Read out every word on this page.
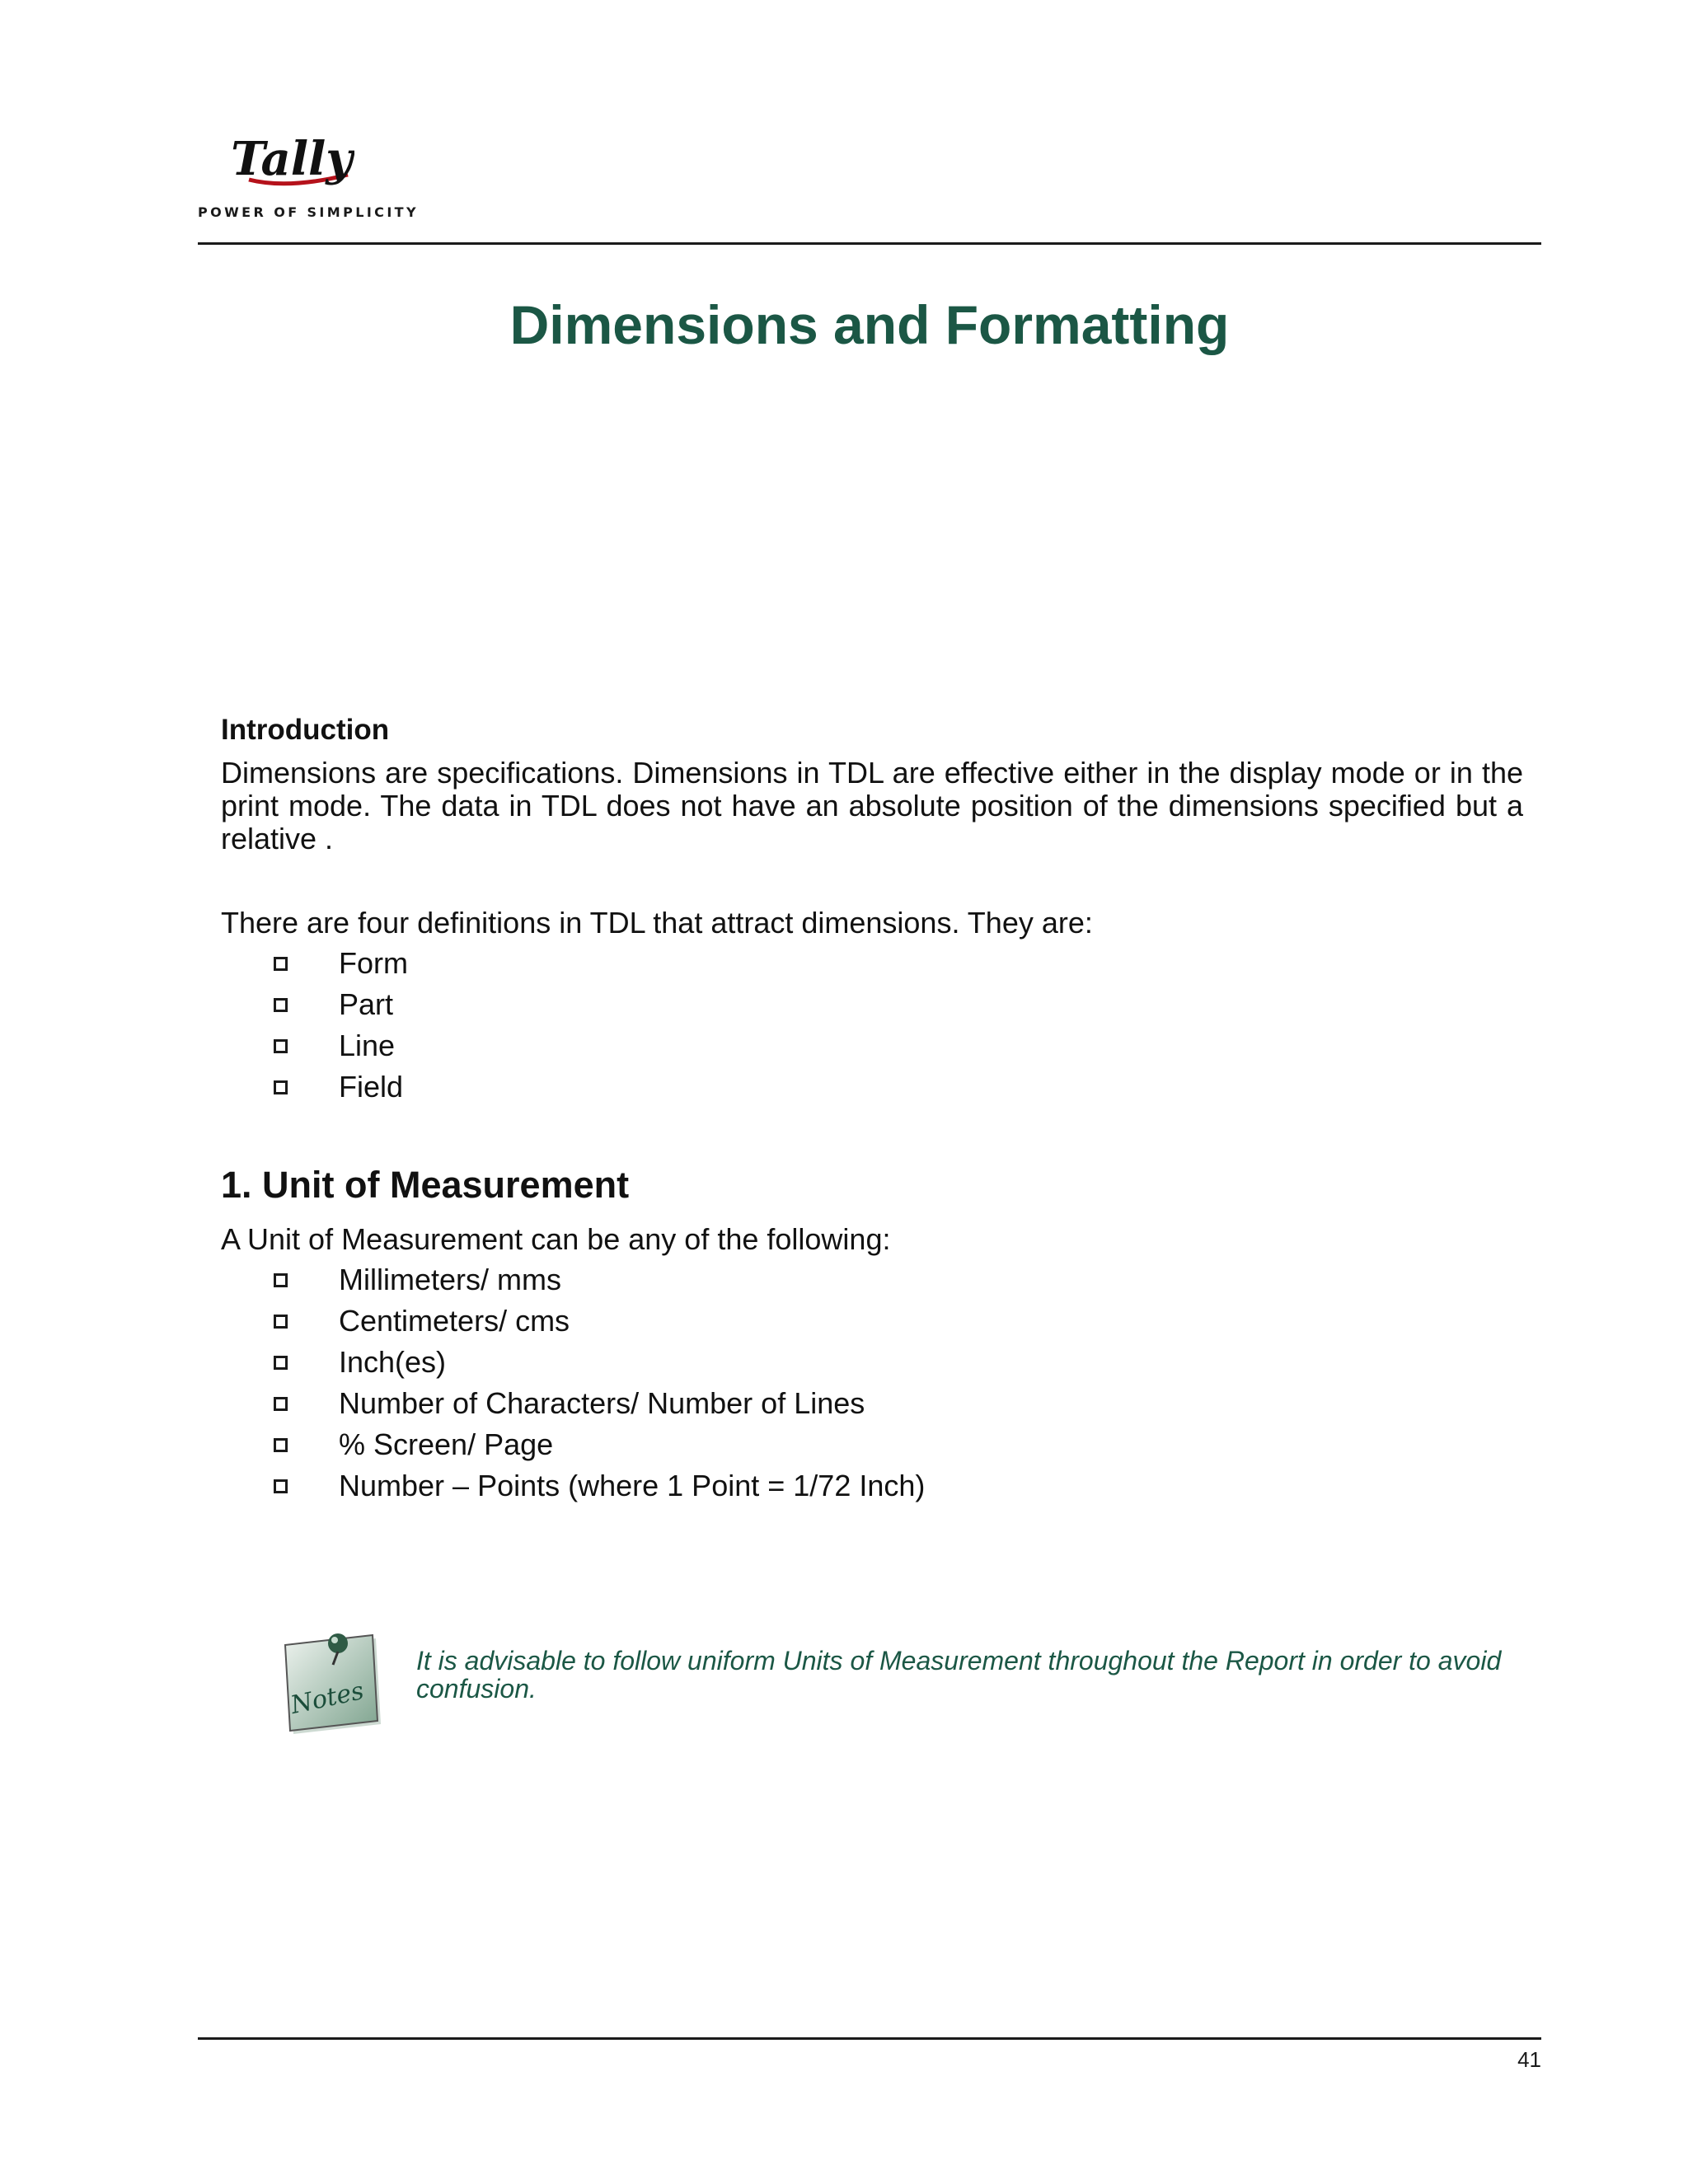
Tally
POWER OF SIMPLICITY
Dimensions and Formatting
Introduction

Dimensions are specifications. Dimensions in TDL are effective either in the display mode or in the print mode. The data in TDL does not have an absolute position of the dimensions specified but a relative .

There are four definitions in TDL that attract dimensions. They are:

Form
Part
Line
Field
1. Unit of Measurement

A Unit of Measurement can be any of the following:

Millimeters/ mms
Centimeters/ cms
Inch(es)
Number of Characters/ Number of Lines
% Screen/ Page
Number – Points (where 1 Point = 1/72 Inch)
Notes

It is advisable to follow uniform Units of Measurement throughout the Report in order to avoid confusion.

41
